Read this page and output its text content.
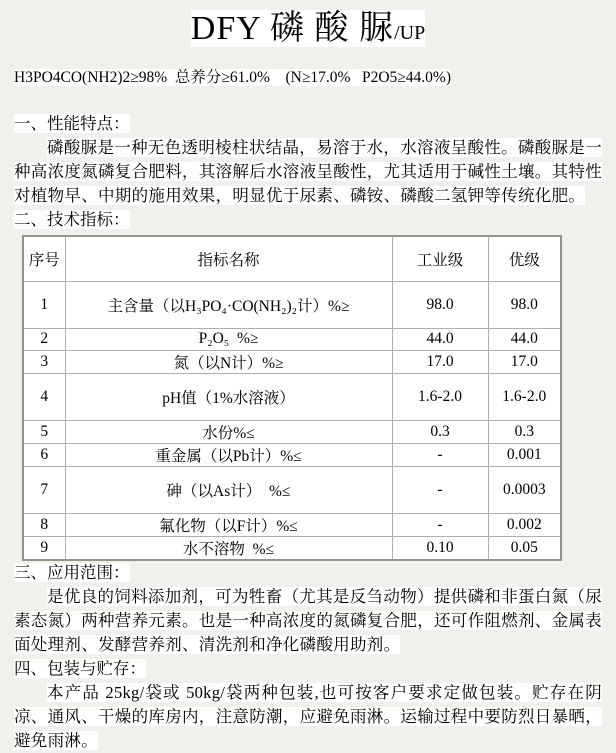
DFY 磷 酸 脲/UP

H3PO4CO(NH2)2≥98%  总养分≥61.0%    (N≥17.0%   P2O5≥44.0%)

一、性能特点：

磷酸脲是一种无色透明棱柱状结晶，易溶于水，水溶液呈酸性。磷酸脲是一种高浓度氮磷复合肥料，其溶解后水溶液呈酸性，尤其适用于碱性土壤。其特性对植物早、中期的施用效果，明显优于尿素、磷铵、磷酸二氢钾等传统化肥。

二、技术指标：

序号	指标名称	工业级	优级
1	主含量（以H₃PO₄·CO(NH₂)₂计）%≥	98.0	98.0
2	P₂O₅  %≥	44.0	44.0
3	氮（以N计）%≥	17.0	17.0
4	pH值（1%水溶液）	1.6-2.0	1.6-2.0
5	水份%≤	0.3	0.3
6	重金属（以Pb计）%≤	-	0.001
7	砷（以As计）  %≤	-	0.0003
8	氟化物（以F计）%≤	-	0.002
9	水不溶物  %≤	0.10	0.05

三、应用范围：

是优良的饲料添加剂，可为牲畜（尤其是反刍动物）提供磷和非蛋白氮（尿素态氮）两种营养元素。也是一种高浓度的氮磷复合肥，还可作阻燃剂、金属表面处理剂、发酵营养剂、清洗剂和净化磷酸用助剂。

四、包装与贮存：

本产品 25kg/袋或 50kg/袋两种包装,也可按客户要求定做包装。贮存在阴凉、通风、干燥的库房内，注意防潮，应避免雨淋。运输过程中要防烈日暴晒，避免雨淋。
